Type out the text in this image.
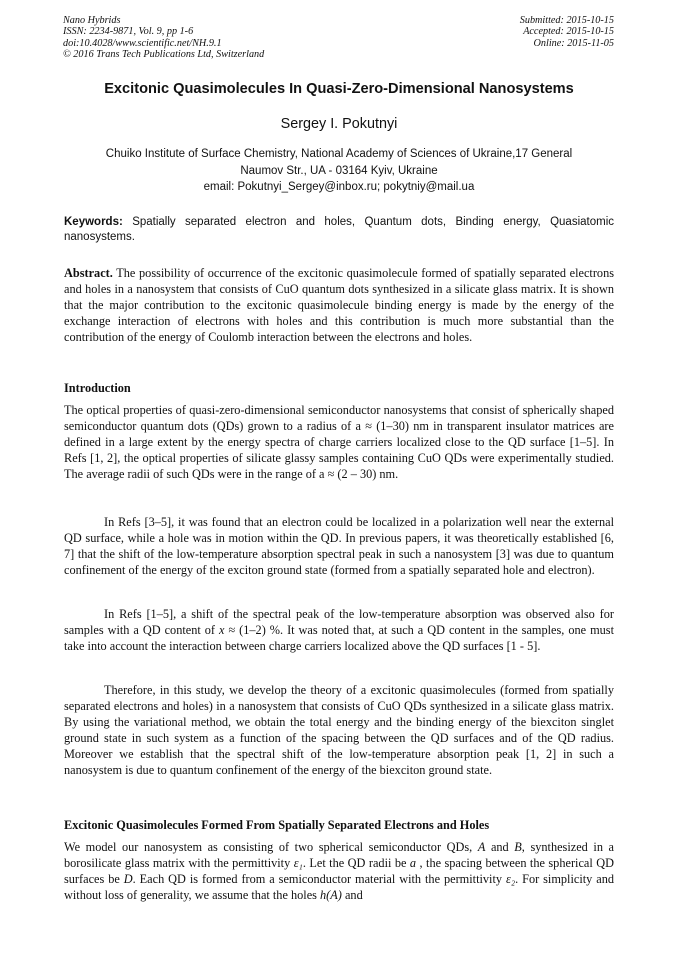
Nano Hybrids
ISSN: 2234-9871, Vol. 9, pp 1-6
doi:10.4028/www.scientific.net/NH.9.1
© 2016 Trans Tech Publications Ltd, Switzerland
Submitted: 2015-10-15
Accepted: 2015-10-15
Online: 2015-11-05
Excitonic Quasimolecules In Quasi-Zero-Dimensional Nanosystems
Sergey I. Pokutnyi
Chuiko Institute of Surface Chemistry, National Academy of Sciences of Ukraine,17 General
Naumov Str., UA - 03164 Kyiv, Ukraine
email: Pokutnyi_Sergey@inbox.ru; pokytniy@mail.ua
Keywords: Spatially separated electron and holes, Quantum dots, Binding energy, Quasiatomic nanosystems.
Abstract. The possibility of occurrence of the excitonic quasimolecule formed of spatially separated electrons and holes in a nanosystem that consists of CuO quantum dots synthesized in a silicate glass matrix. It is shown that the major contribution to the excitonic quasimolecule binding energy is made by the energy of the exchange interaction of electrons with holes and this contribution is much more substantial than the contribution of the energy of Coulomb interaction between the electrons and holes.
Introduction
The optical properties of quasi-zero-dimensional semiconductor nanosystems that consist of spherically shaped semiconductor quantum dots (QDs) grown to a radius of a ≈ (1–30) nm in transparent insulator matrices are defined in a large extent by the energy spectra of charge carriers localized close to the QD surface [1–5]. In Refs [1, 2], the optical properties of silicate glassy samples containing CuO QDs were experimentally studied. The average radii of such QDs were in the range of a ≈ (2 – 30) nm.
In Refs [3–5], it was found that an electron could be localized in a polarization well near the external QD surface, while a hole was in motion within the QD. In previous papers, it was theoretically established [6, 7] that the shift of the low-temperature absorption spectral peak in such a nanosystem [3] was due to quantum confinement of the energy of the exciton ground state (formed from a spatially separated hole and electron).
In Refs [1–5], a shift of the spectral peak of the low-temperature absorption was observed also for samples with a QD content of x ≈ (1–2) %. It was noted that, at such a QD content in the samples, one must take into account the interaction between charge carriers localized above the QD surfaces [1 - 5].
Therefore, in this study, we develop the theory of a excitonic quasimolecules (formed from spatially separated electrons and holes) in a nanosystem that consists of CuO QDs synthesized in a silicate glass matrix. By using the variational method, we obtain the total energy and the binding energy of the biexciton singlet ground state in such system as a function of the spacing between the QD surfaces and of the QD radius. Moreover we establish that the spectral shift of the low-temperature absorption peak [1, 2] in such a nanosystem is due to quantum confinement of the energy of the biexciton ground state.
Excitonic Quasimolecules Formed From Spatially Separated Electrons and Holes
We model our nanosystem as consisting of two spherical semiconductor QDs, A and B, synthesized in a borosilicate glass matrix with the permittivity ε₁. Let the QD radii be a , the spacing between the spherical QD surfaces be D. Each QD is formed from a semiconductor material with the permittivity ε₂. For simplicity and without loss of generality, we assume that the holes h(A) and
